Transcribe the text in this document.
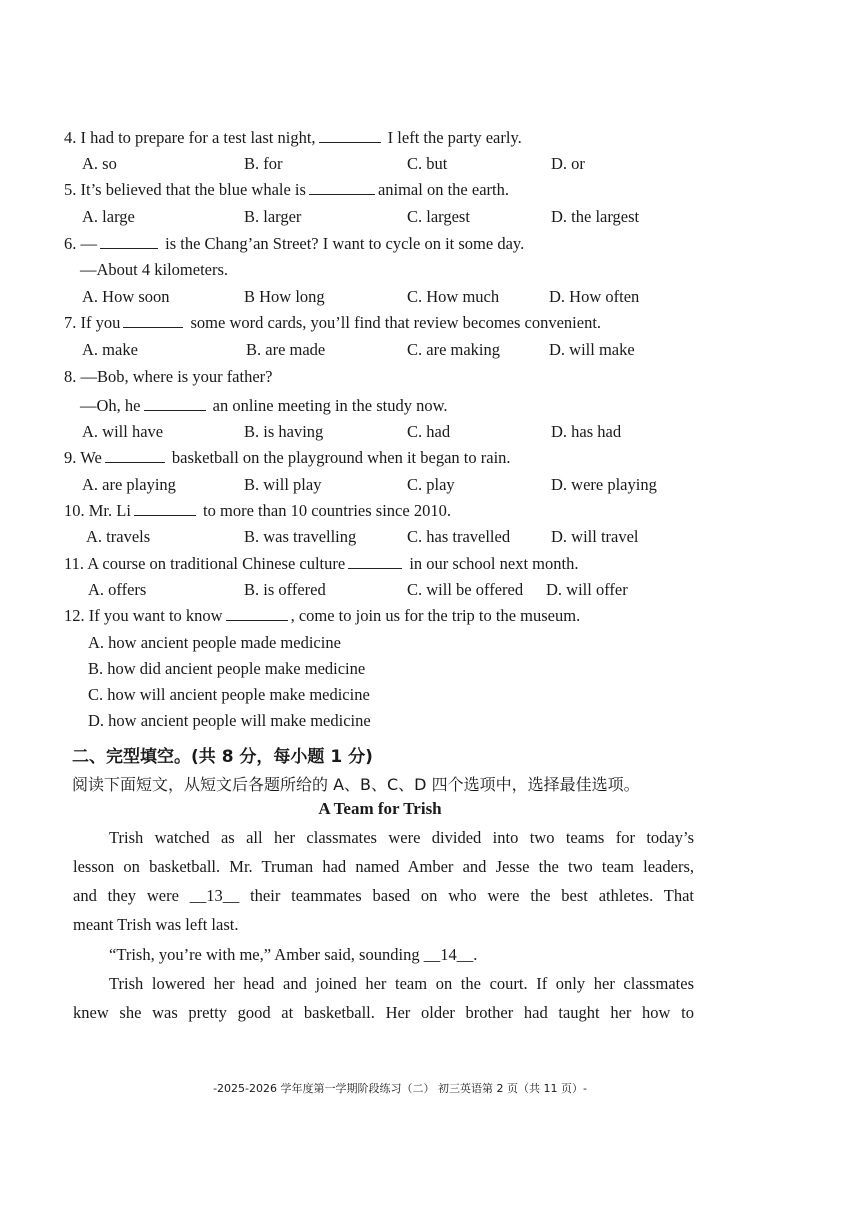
4. I had to prepare for a test last night,	I left the party early.
A. so	B. for	C. but	D. or
5. It’s believed that the blue whale is	animal on the earth.
A. large	B. larger	C. largest	D. the largest
6. —	is the Chang’an Street? I want to cycle on it some day.
—About 4 kilometers.
A. How soon	B How long	C. How much	D. How often
7. If you	some word cards, you’ll find that review becomes convenient.
A. make	B. are made	C. are making	D. will make
8. —Bob, where is your father?
—Oh, he	an online meeting in the study now.
A. will have	B. is having	C. had	D. has had
9. We	basketball on the playground when it began to rain.
A. are playing	B. will play	C. play	D. were playing
10. Mr. Li	to more than 10 countries since 2010.
A. travels	B. was travelling	C. has travelled D. will travel
11. A course on traditional Chinese culture	in our school next month.
A. offers	B. is offered	C. will be offered D. will offer
12. If you want to know	, come to join us for the trip to the museum.
A. how ancient people made medicine
B. how did ancient people make medicine
C. how will ancient people make medicine
D. how ancient people will make medicine
二、完型填空。(共 8 分，每小题 1 分)
阅读下面短文，从短文后各题所给的 A、B、C、D 四个选项中，选择最佳选项。
A Team for Trish
Trish watched as all her classmates were divided into two teams for today’s
lesson on basketball. Mr. Truman had named Amber and Jesse the two team leaders,
and they were __13__ their teammates based on who were the best athletes. That
meant Trish was left last.
“Trish, you’re with me,” Amber said, sounding __14__.
Trish lowered her head and joined her team on the court. If only her classmates
knew she was pretty good at basketball. Her older brother had taught her how to
-2025-2026 学年度第一学期阶段练习（二） 初三英语第 2 页（共 11 页）-
